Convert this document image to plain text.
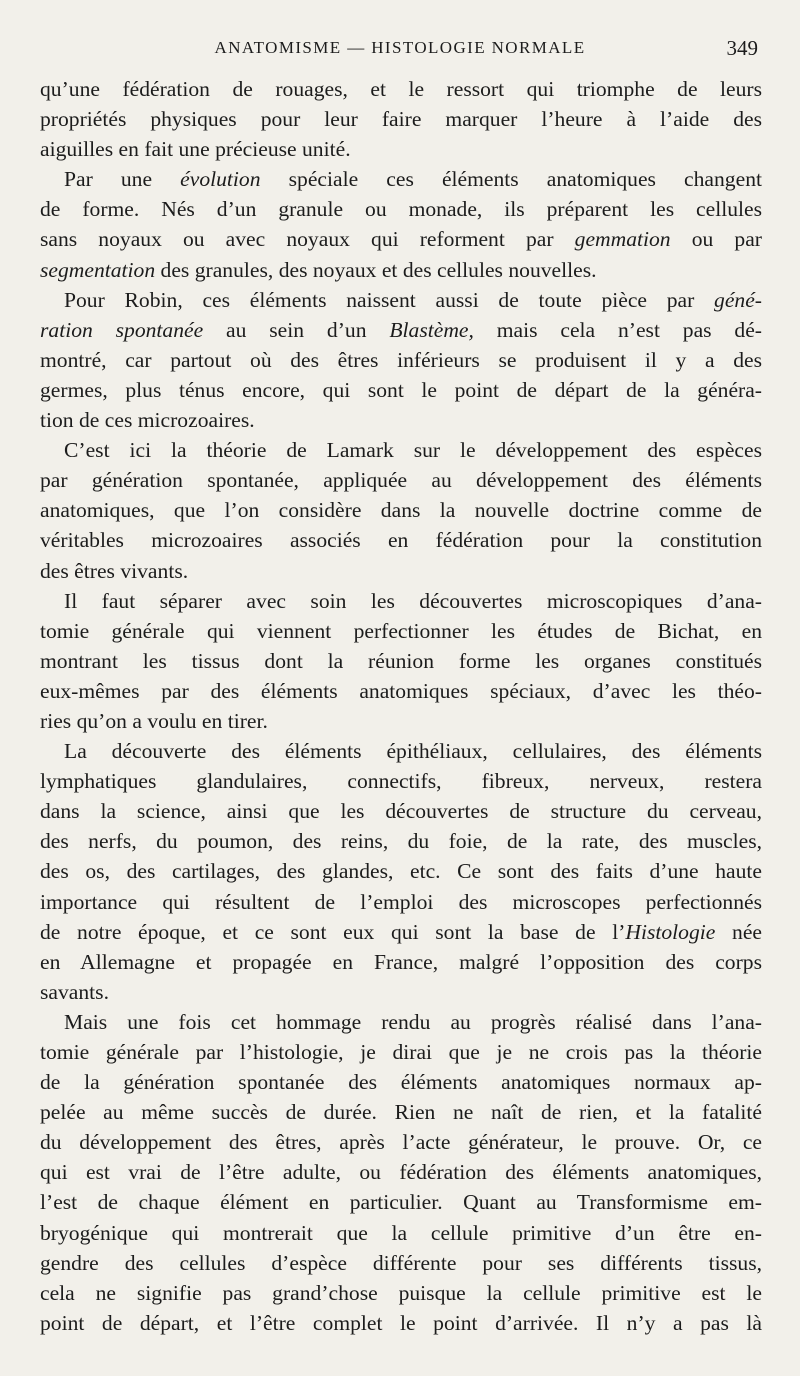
ANATOMISME — HISTOLOGIE NORMALE	349
qu’une fédération de rouages, et le ressort qui triomphe de leurs
propriétés physiques pour leur faire marquer l’heure à l’aide des
aiguilles en fait une précieuse unité.
Par une évolution spéciale ces éléments anatomiques changent
de forme. Nés d’un granule ou monade, ils préparent les cellules
sans noyaux ou avec noyaux qui reforment par gemmation ou par
segmentation des granules, des noyaux et des cellules nouvelles.
Pour Robin, ces éléments naissent aussi de toute pièce par géné-
ration spontanée au sein d’un Blastème, mais cela n’est pas dé-
montré, car partout où des êtres inférieurs se produisent il y a des
germes, plus ténus encore, qui sont le point de départ de la généra-
tion de ces microzoaires.
C’est ici la théorie de Lamark sur le développement des espèces
par génération spontanée, appliquée au développement des éléments
anatomiques, que l’on considère dans la nouvelle doctrine comme de
véritables microzoaires associés en fédération pour la constitution
des êtres vivants.
Il faut séparer avec soin les découvertes microscopiques d’ana-
tomie générale qui viennent perfectionner les études de Bichat, en
montrant les tissus dont la réunion forme les organes constitués
eux-mêmes par des éléments anatomiques spéciaux, d’avec les théo-
ries qu’on a voulu en tirer.
La découverte des éléments épithéliaux, cellulaires, des éléments
lymphatiques glandulaires, connectifs, fibreux, nerveux, restera
dans la science, ainsi que les découvertes de structure du cerveau,
des nerfs, du poumon, des reins, du foie, de la rate, des muscles,
des os, des cartilages, des glandes, etc. Ce sont des faits d’une haute
importance qui résultent de l’emploi des microscopes perfectionnés
de notre époque, et ce sont eux qui sont la base de l’Histologie née
en Allemagne et propagée en France, malgré l’opposition des corps
savants.
Mais une fois cet hommage rendu au progrès réalisé dans l’ana-
tomie générale par l’histologie, je dirai que je ne crois pas la théorie
de la génération spontanée des éléments anatomiques normaux ap-
pelée au même succès de durée. Rien ne naît de rien, et la fatalité
du développement des êtres, après l’acte générateur, le prouve. Or, ce
qui est vrai de l’être adulte, ou fédération des éléments anatomiques,
l’est de chaque élément en particulier. Quant au Transformisme em-
bryogénique qui montrerait que la cellule primitive d’un être en-
gendre des cellules d’espèce différente pour ses différents tissus,
cela ne signifie pas grand’chose puisque la cellule primitive est le
point de départ, et l’être complet le point d’arrivée. Il n’y a pas là
